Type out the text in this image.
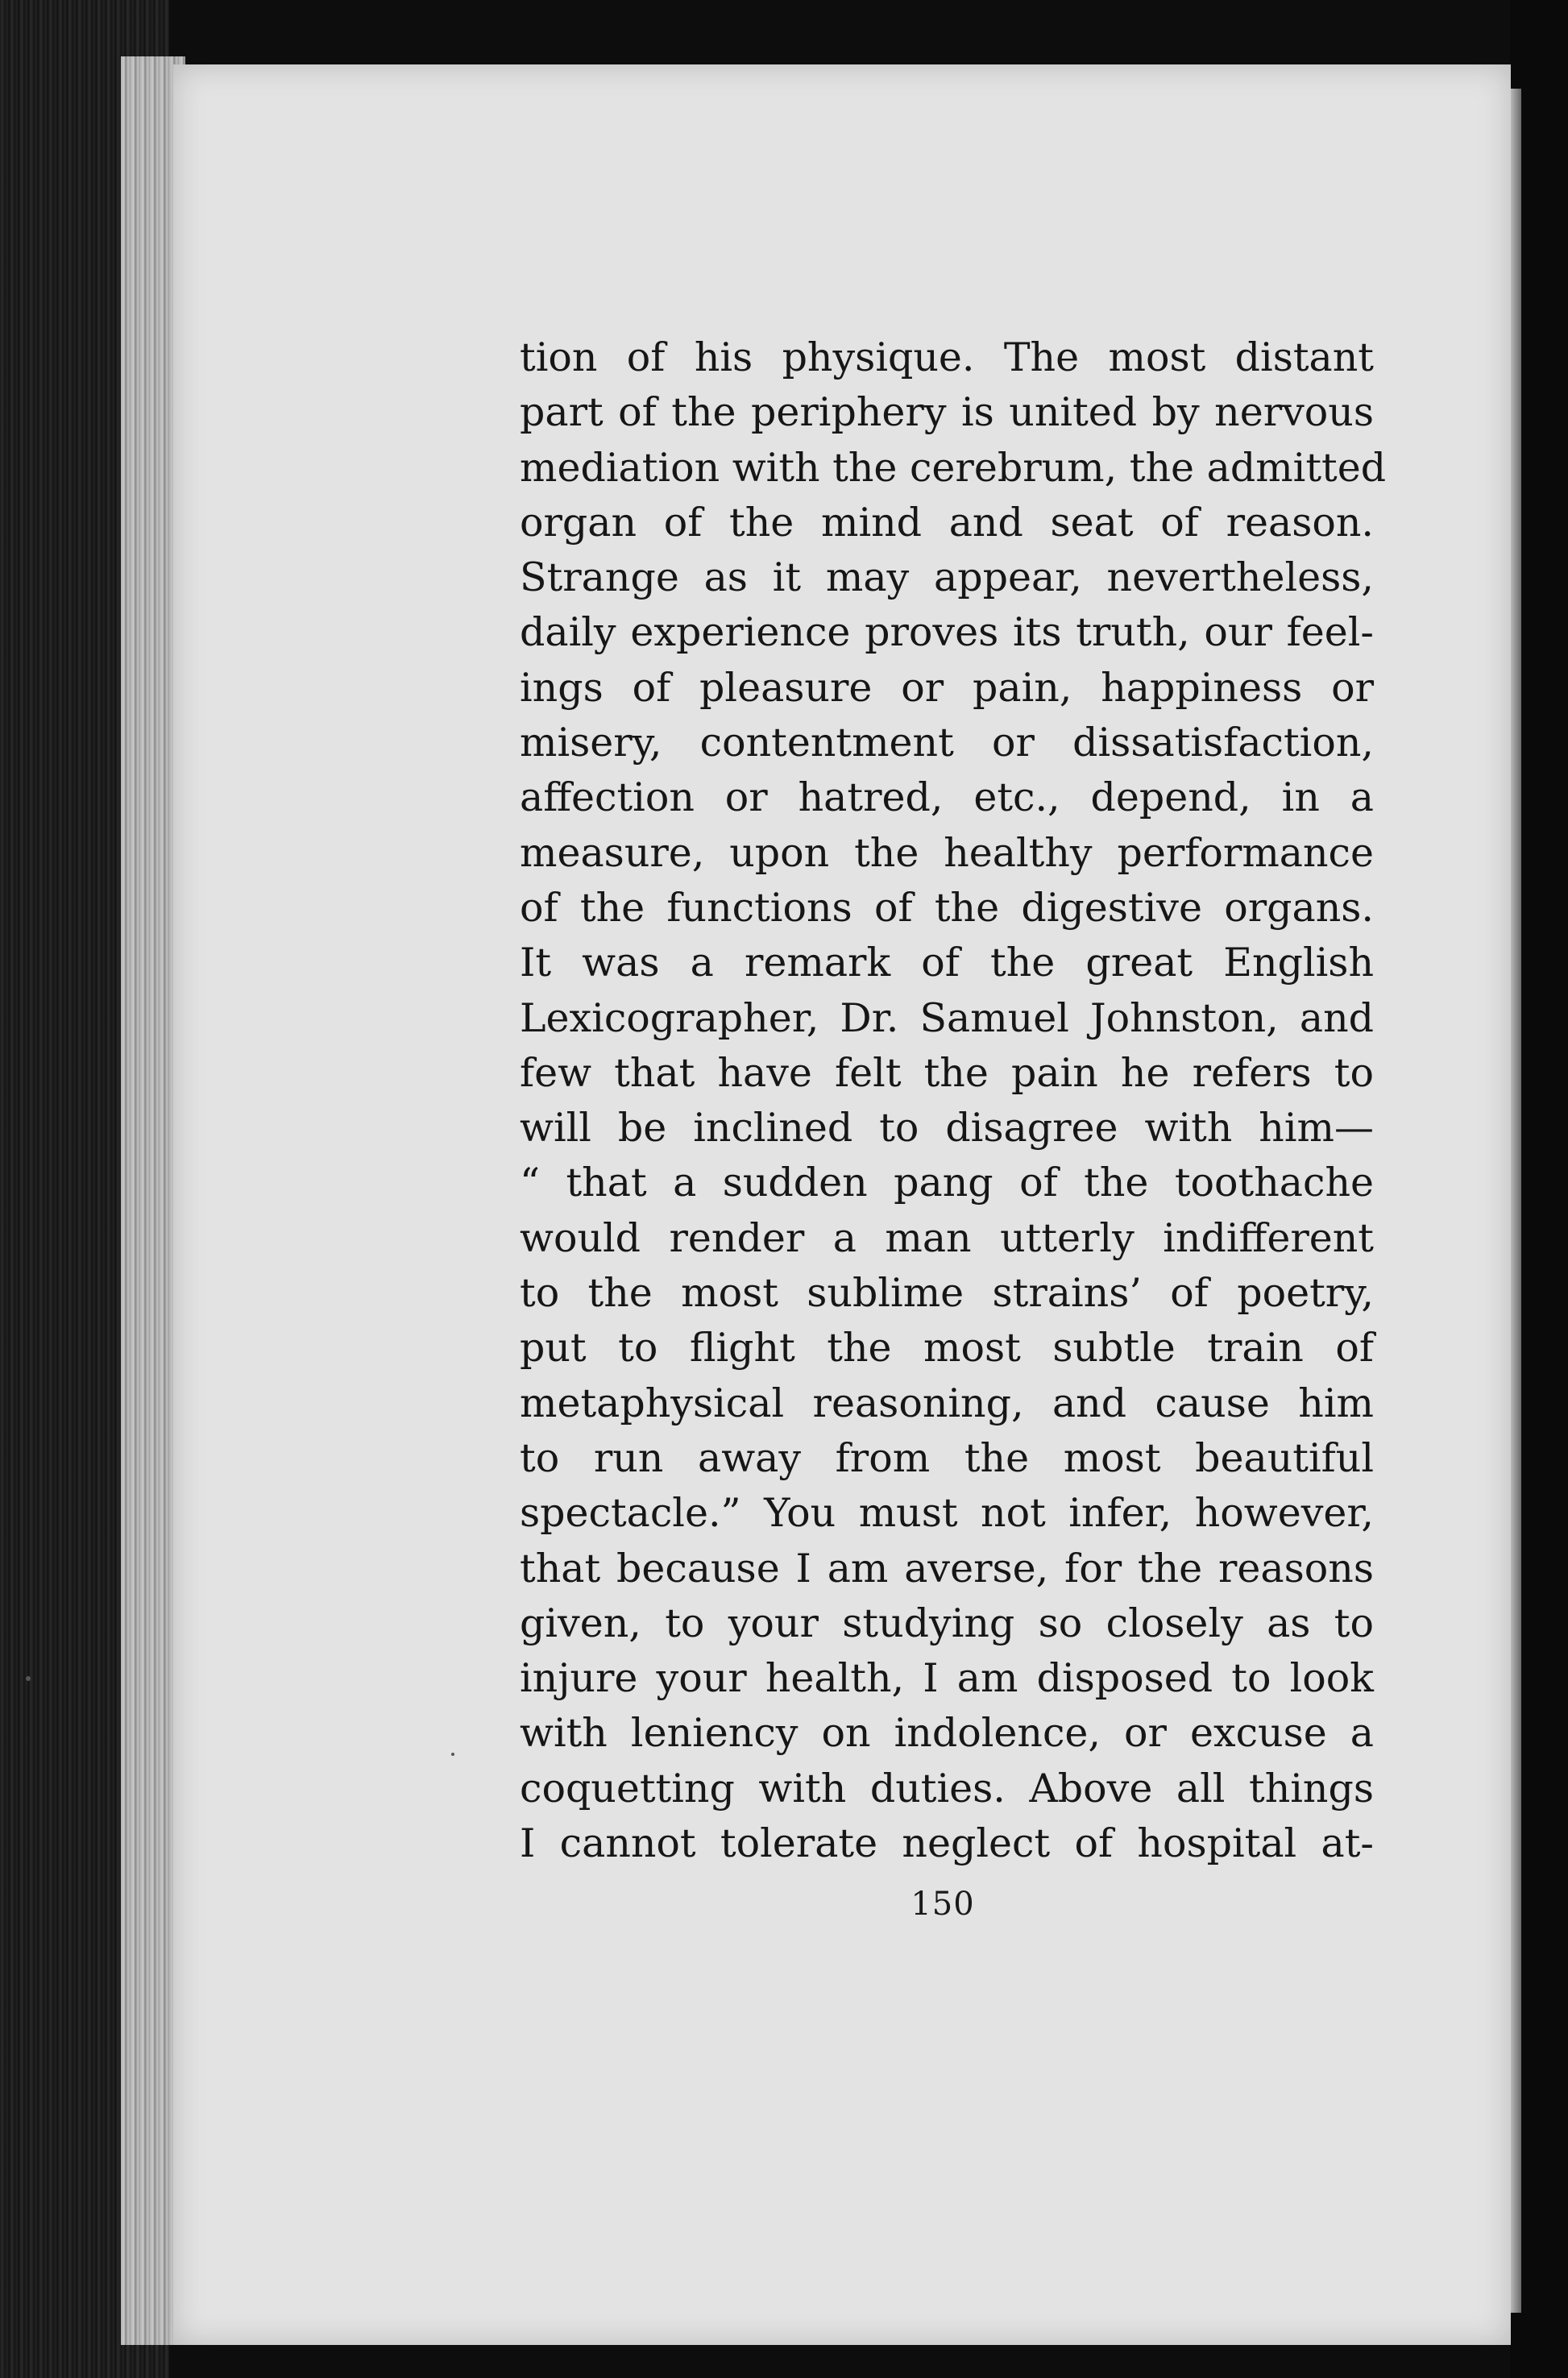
tion of his physique. The most distant
part of the periphery is united by nervous
mediation with the cerebrum, the admitted
organ of the mind and seat of reason.
Strange as it may appear, nevertheless,
daily experience proves its truth, our feel-
ings of pleasure or pain, happiness or
misery, contentment or dissatisfaction,
affection or hatred, etc., depend, in a
measure, upon the healthy performance
of the functions of the digestive organs.
It was a remark of the great English
Lexicographer, Dr. Samuel Johnston, and
few that have felt the pain he refers to
will be inclined to disagree with him—
“ that a sudden pang of the toothache
would render a man utterly indifferent
to the most sublime strains’ of poetry,
put to flight the most subtle train of
metaphysical reasoning, and cause him
to run away from the most beautiful
spectacle.” You must not infer, however,
that because I am averse, for the reasons
given, to your studying so closely as to
injure your health, I am disposed to look
with leniency on indolence, or excuse a
coquetting with duties. Above all things
I cannot tolerate neglect of hospital at-
150
